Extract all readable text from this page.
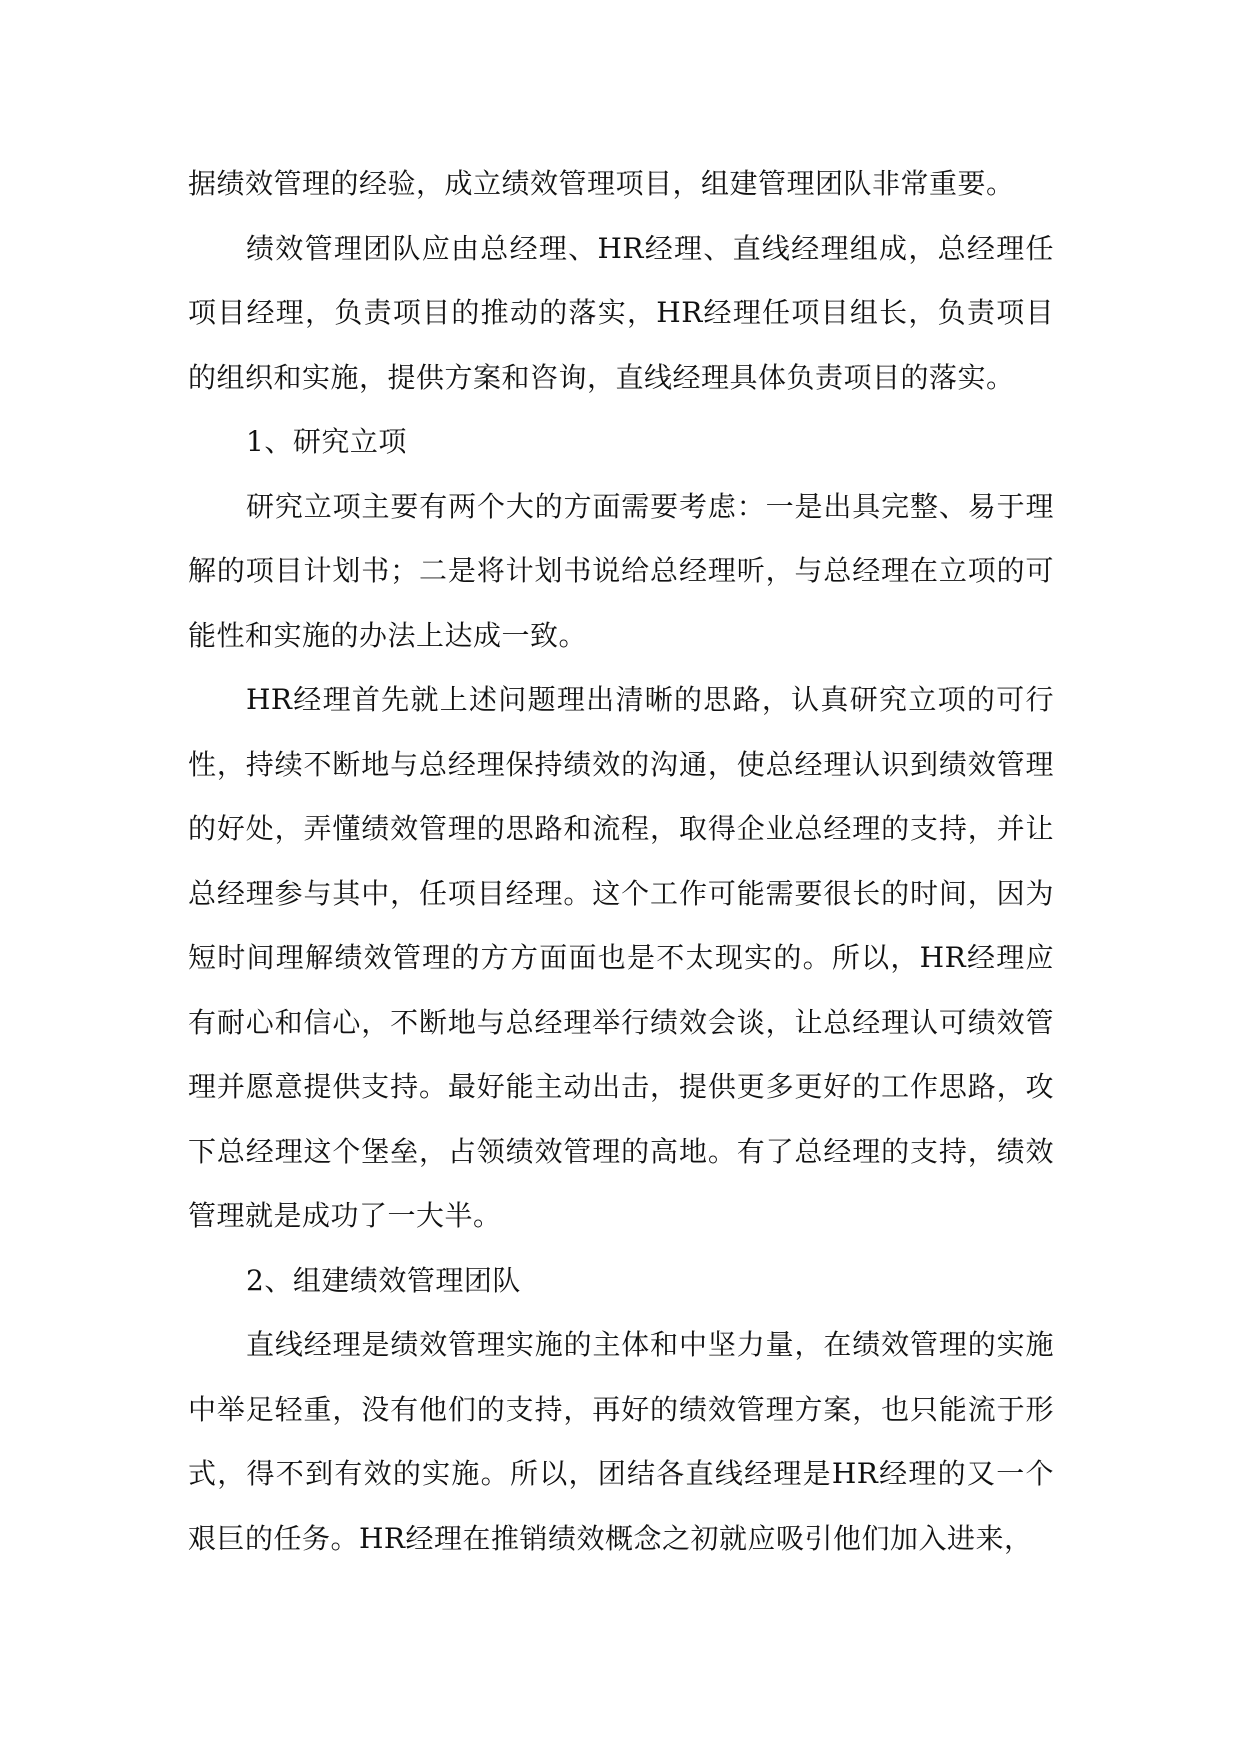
据绩效管理的经验，成立绩效管理项目，组建管理团队非常重要。

绩效管理团队应由总经理、HR经理、直线经理组成，总经理任项目经理，负责项目的推动的落实，HR经理任项目组长，负责项目的组织和实施，提供方案和咨询，直线经理具体负责项目的落实。

1、研究立项

研究立项主要有两个大的方面需要考虑：一是出具完整、易于理解的项目计划书；二是将计划书说给总经理听，与总经理在立项的可能性和实施的办法上达成一致。

HR经理首先就上述问题理出清晰的思路，认真研究立项的可行性，持续不断地与总经理保持绩效的沟通，使总经理认识到绩效管理的好处，弄懂绩效管理的思路和流程，取得企业总经理的支持，并让总经理参与其中，任项目经理。这个工作可能需要很长的时间，因为短时间理解绩效管理的方方面面也是不太现实的。所以，HR经理应有耐心和信心，不断地与总经理举行绩效会谈，让总经理认可绩效管理并愿意提供支持。最好能主动出击，提供更多更好的工作思路，攻下总经理这个堡垒，占领绩效管理的高地。有了总经理的支持，绩效管理就是成功了一大半。

2、组建绩效管理团队

直线经理是绩效管理实施的主体和中坚力量，在绩效管理的实施中举足轻重，没有他们的支持，再好的绩效管理方案，也只能流于形式，得不到有效的实施。所以，团结各直线经理是HR经理的又一个艰巨的任务。HR经理在推销绩效概念之初就应吸引他们加入进来，
